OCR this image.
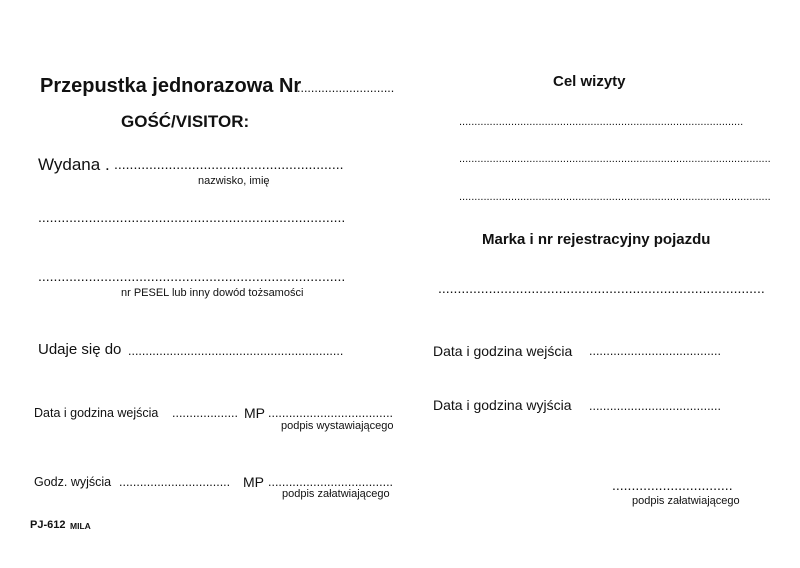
Przepustka jednorazowa Nr
............................
GOŚĆ/VISITOR:
Wydana . ...........................................................
nazwisko, imię
...............................................................................
...............................................................................
nr PESEL lub inny dowód tożsamości
Udaje się do ..............................................................
Data i godzina wejścia ................... MP ....................................
podpis wystawiającego
Godz. wyjścia ................................ MP ....................................
podpis załatwiającego
PJ-612 MILA
Cel wizyty
.............................................................................................
......................................................................................................
......................................................................................................
Marka i nr rejestracyjny pojazdu
....................................................................................
Data i godzina wejścia ......................................
Data i godzina wyjścia ......................................
...............................
podpis załatwiającego
